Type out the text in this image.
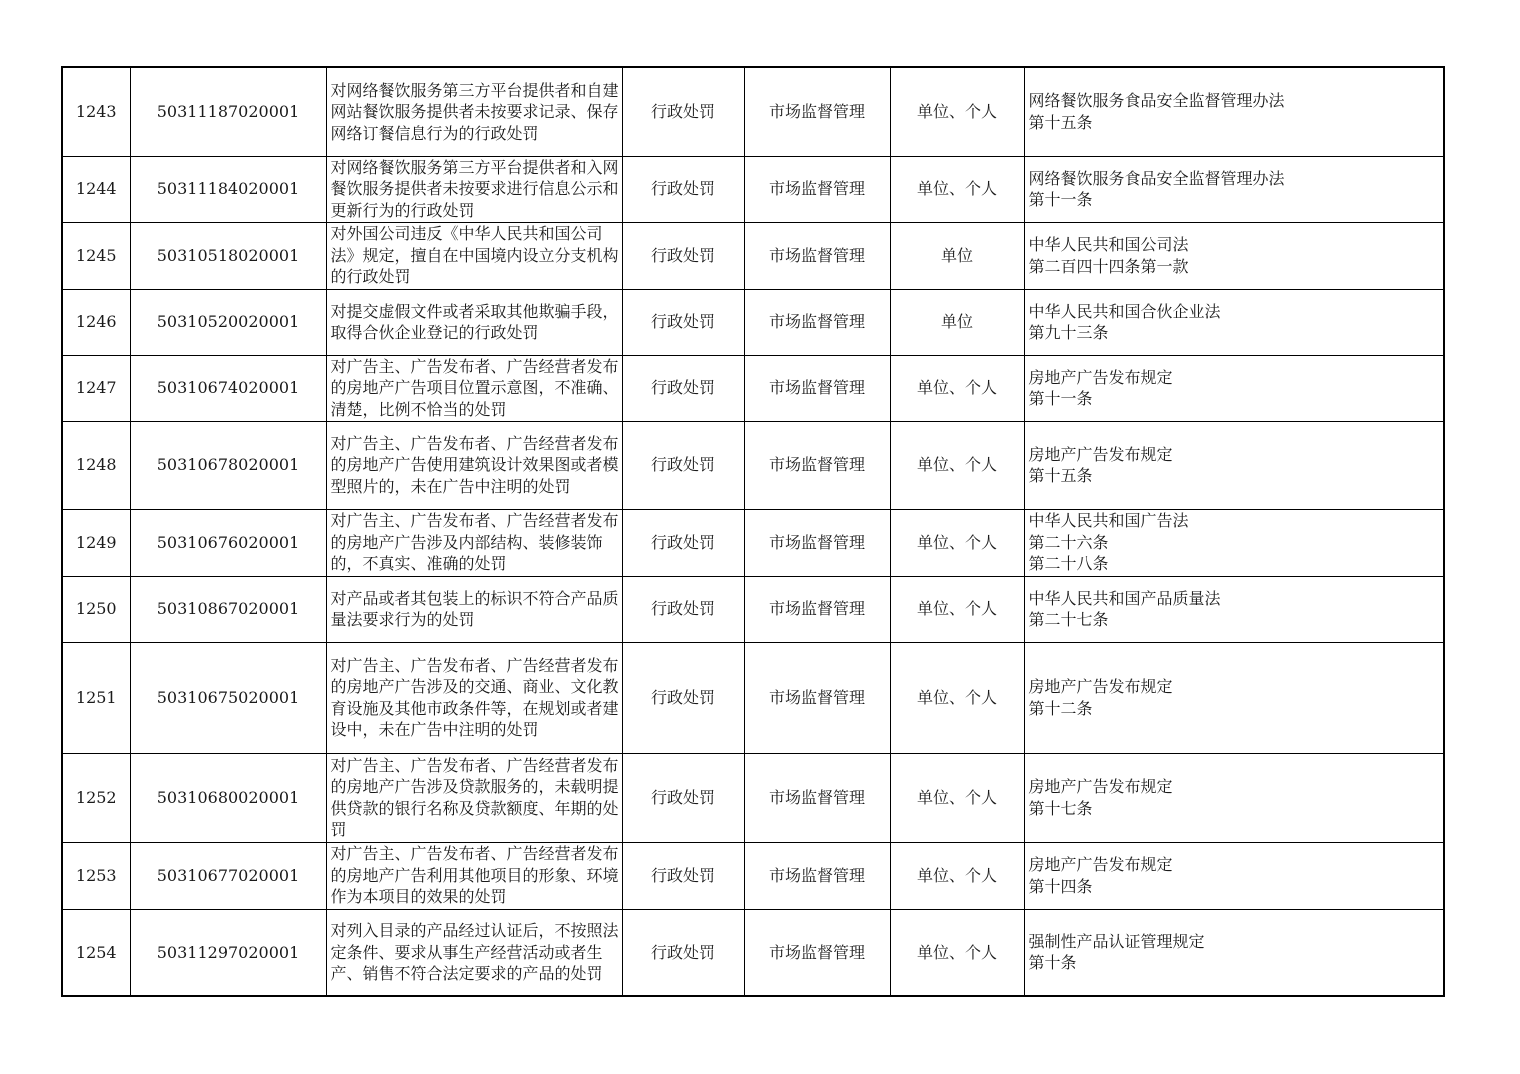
1243	50311187020001	对网络餐饮服务第三方平台提供者和自建网站餐饮服务提供者未按要求记录、保存网络订餐信息行为的行政处罚	行政处罚	市场监督管理	单位、个人	网络餐饮服务食品安全监督管理办法
第十五条

1244	50311184020001	对网络餐饮服务第三方平台提供者和入网餐饮服务提供者未按要求进行信息公示和更新行为的行政处罚	行政处罚	市场监督管理	单位、个人	网络餐饮服务食品安全监督管理办法
第十一条

1245	50310518020001	对外国公司违反《中华人民共和国公司法》规定，擅自在中国境内设立分支机构的行政处罚	行政处罚	市场监督管理	单位	中华人民共和国公司法
第二百四十四条第一款

1246	50310520020001	对提交虚假文件或者采取其他欺骗手段，取得合伙企业登记的行政处罚	行政处罚	市场监督管理	单位	中华人民共和国合伙企业法
第九十三条

1247	50310674020001	对广告主、广告发布者、广告经营者发布的房地产广告项目位置示意图，不准确、清楚，比例不恰当的处罚	行政处罚	市场监督管理	单位、个人	房地产广告发布规定
第十一条

1248	50310678020001	对广告主、广告发布者、广告经营者发布的房地产广告使用建筑设计效果图或者模型照片的，未在广告中注明的处罚	行政处罚	市场监督管理	单位、个人	房地产广告发布规定
第十五条

1249	50310676020001	对广告主、广告发布者、广告经营者发布的房地产广告涉及内部结构、装修装饰的，不真实、准确的处罚	行政处罚	市场监督管理	单位、个人	中华人民共和国广告法
第二十六条
第二十八条

1250	50310867020001	对产品或者其包装上的标识不符合产品质量法要求行为的处罚	行政处罚	市场监督管理	单位、个人	中华人民共和国产品质量法
第二十七条

1251	50310675020001	对广告主、广告发布者、广告经营者发布的房地产广告涉及的交通、商业、文化教育设施及其他市政条件等，在规划或者建设中，未在广告中注明的处罚	行政处罚	市场监督管理	单位、个人	房地产广告发布规定
第十二条

1252	50310680020001	对广告主、广告发布者、广告经营者发布的房地产广告涉及贷款服务的，未载明提供贷款的银行名称及贷款额度、年期的处罚	行政处罚	市场监督管理	单位、个人	房地产广告发布规定
第十七条

1253	50310677020001	对广告主、广告发布者、广告经营者发布的房地产广告利用其他项目的形象、环境作为本项目的效果的处罚	行政处罚	市场监督管理	单位、个人	房地产广告发布规定
第十四条

1254	50311297020001	对列入目录的产品经过认证后，不按照法定条件、要求从事生产经营活动或者生产、销售不符合法定要求的产品的处罚	行政处罚	市场监督管理	单位、个人	强制性产品认证管理规定
第十条
